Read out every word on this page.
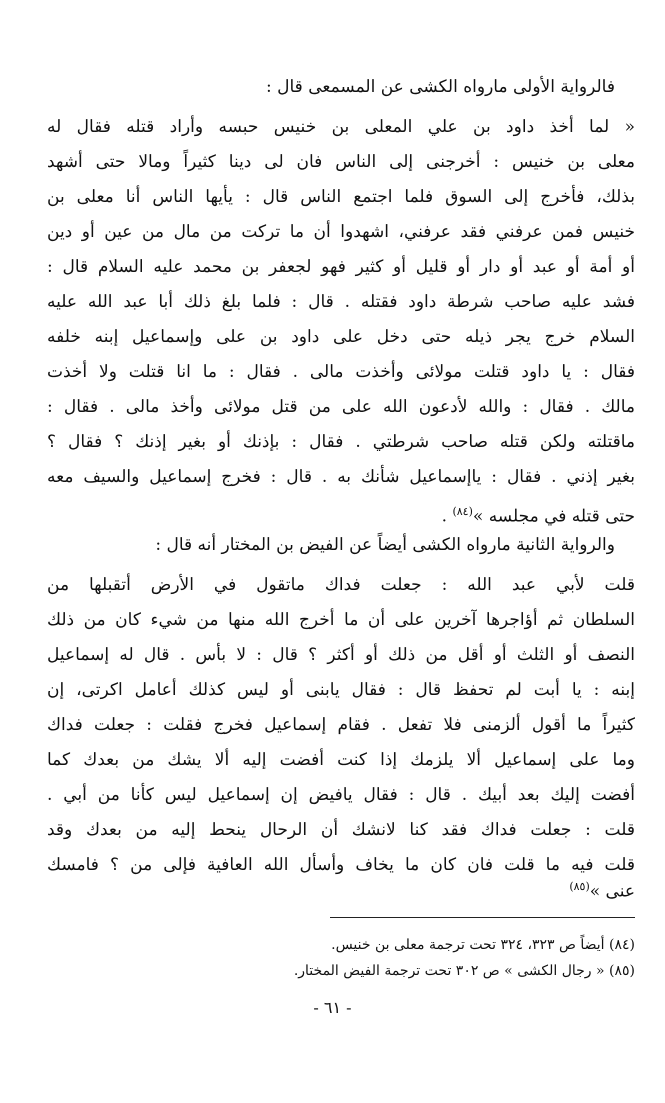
فالرواية الأولى مارواه الكشى عن المسمعى قال :
« لما أخذ داود بن علي المعلى بن خنيس حبسه وأراد قتله فقال له
معلى بن خنيس : أخرجنى إلى الناس فان لى دينا كثيراً ومالا حتى أشهد
بذلك، فأخرج إلى السوق فلما اجتمع الناس قال : يأيها الناس أنا معلى بن
خنيس فمن عرفني فقد عرفني، اشهدوا أن ما تركت من مال من عين أو دين
أو أمة أو عبد أو دار أو قليل أو كثير فهو لجعفر بن محمد عليه السلام قال :
فشد عليه صاحب شرطة داود فقتله . قال : فلما بلغ ذلك أبا عبد الله عليه
السلام خرج يجر ذيله حتى دخل على داود بن على وإسماعيل إبنه خلفه
فقال : يا داود قتلت مولائى وأخذت مالى . فقال : ما انا قتلت ولا أخذت
مالك . فقال : والله لأدعون الله على من قتل مولائى وأخذ مالى . فقال :
ماقتلته ولكن قتله صاحب شرطتي . فقال : بإذنك أو بغير إذنك ؟ فقال ؟
بغير إذني . فقال : ياإسماعيل شأنك به . قال : فخرج إسماعيل والسيف معه
حتى قتله في مجلسه »$^{(٨٤)}$ .
والرواية الثانية مارواه الكشى أيضاً عن الفيض بن المختار أنه قال :
قلت لأبي عبد الله : جعلت فداك ماتقول في الأرض أتقبلها من
السلطان ثم أؤاجرها آخرين على أن ما أخرج الله منها من شيء كان من ذلك
النصف أو الثلث أو أقل من ذلك أو أكثر ؟ قال : لا بأس . قال له إسماعيل
إبنه : يا أبت لم تحفظ قال : فقال يابنى أو ليس كذلك أعامل اكرتى، إن
كثيراً ما أقول ألزمنى فلا تفعل . فقام إسماعيل فخرج فقلت : جعلت فداك
وما على إسماعيل ألا يلزمك إذا كنت أفضت إليه ألا يشك من بعدك كما
أفضت إليك بعد أبيك . قال : فقال يافيض إن إسماعيل ليس كأنا من أبي .
قلت : جعلت فداك فقد كنا لانشك أن الرحال ينحط إليه من بعدك وقد
قلت فيه ما قلت فان كان ما يخاف وأسأل الله العافية فإلى من ؟ فامسك
عنى »$^{(٨٥)}$
(٨٤) أيضاً ص ٣٢٣، ٣٢٤ تحت ترجمة معلى بن خنيس.
(٨٥) « رجال الكشى » ص ٣٠٢ تحت ترجمة الفيض المختار.
- ٦١ -
